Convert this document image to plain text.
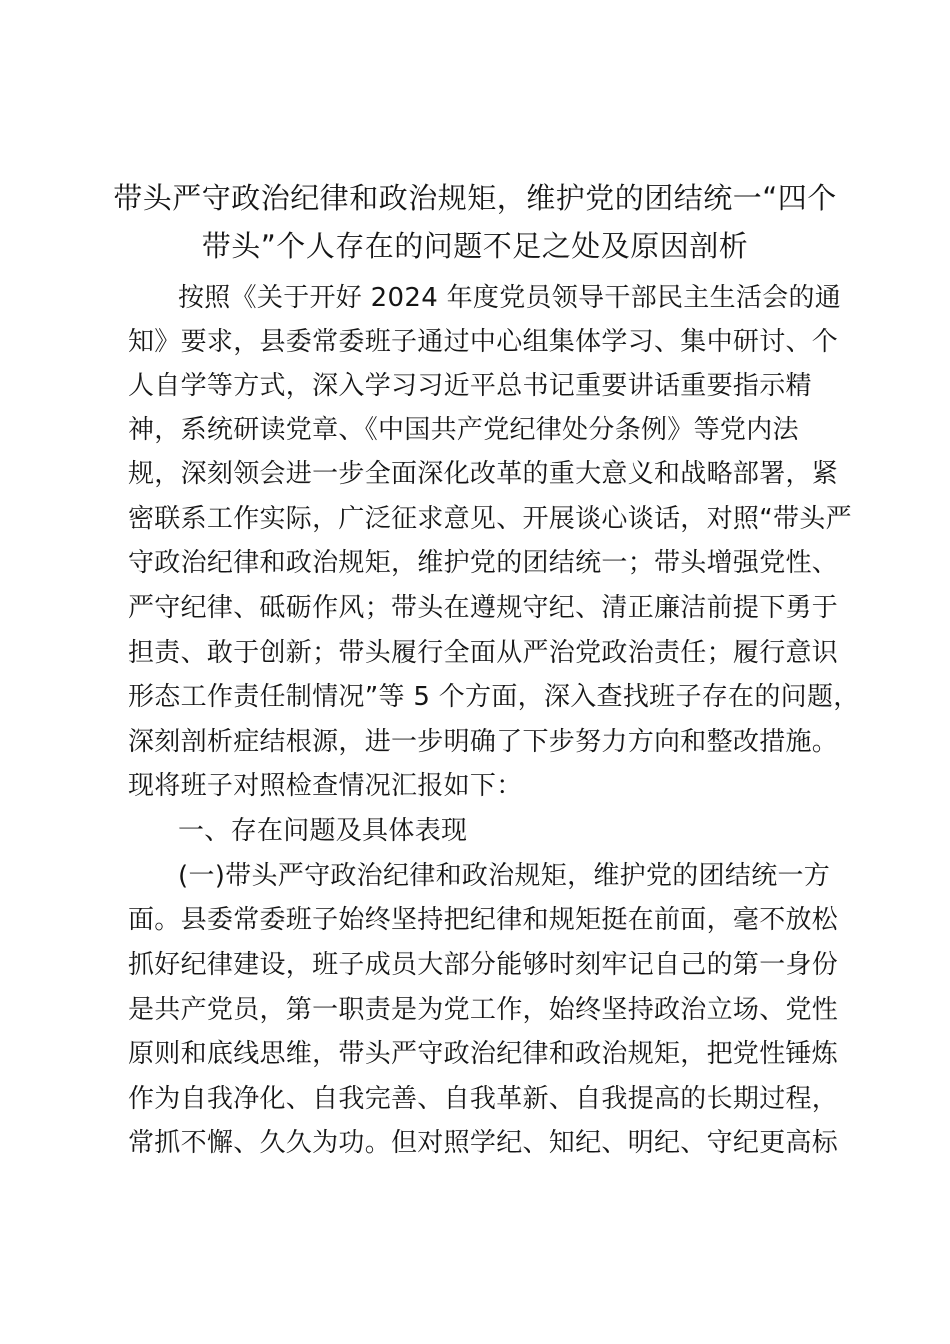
带头严守政治纪律和政治规矩，维护党的团结统一“四个
带头”个人存在的问题不足之处及原因剖析
按照《关于开好 2024 年度党员领导干部民主生活会的通
知》要求，县委常委班子通过中心组集体学习、集中研讨、个
人自学等方式，深入学习习近平总书记重要讲话重要指示精
神，系统研读党章、《中国共产党纪律处分条例》等党内法
规，深刻领会进一步全面深化改革的重大意义和战略部署，紧
密联系工作实际，广泛征求意见、开展谈心谈话，对照“带头严
守政治纪律和政治规矩，维护党的团结统一；带头增强党性、
严守纪律、砥砺作风；带头在遵规守纪、清正廉洁前提下勇于
担责、敢于创新；带头履行全面从严治党政治责任；履行意识
形态工作责任制情况”等 5 个方面，深入查找班子存在的问题，
深刻剖析症结根源，进一步明确了下步努力方向和整改措施。
现将班子对照检查情况汇报如下：
一、存在问题及具体表现
(一)带头严守政治纪律和政治规矩，维护党的团结统一方
面。县委常委班子始终坚持把纪律和规矩挺在前面，毫不放松
抓好纪律建设，班子成员大部分能够时刻牢记自己的第一身份
是共产党员，第一职责是为党工作，始终坚持政治立场、党性
原则和底线思维，带头严守政治纪律和政治规矩，把党性锤炼
作为自我净化、自我完善、自我革新、自我提高的长期过程，
常抓不懈、久久为功。但对照学纪、知纪、明纪、守纪更高标
